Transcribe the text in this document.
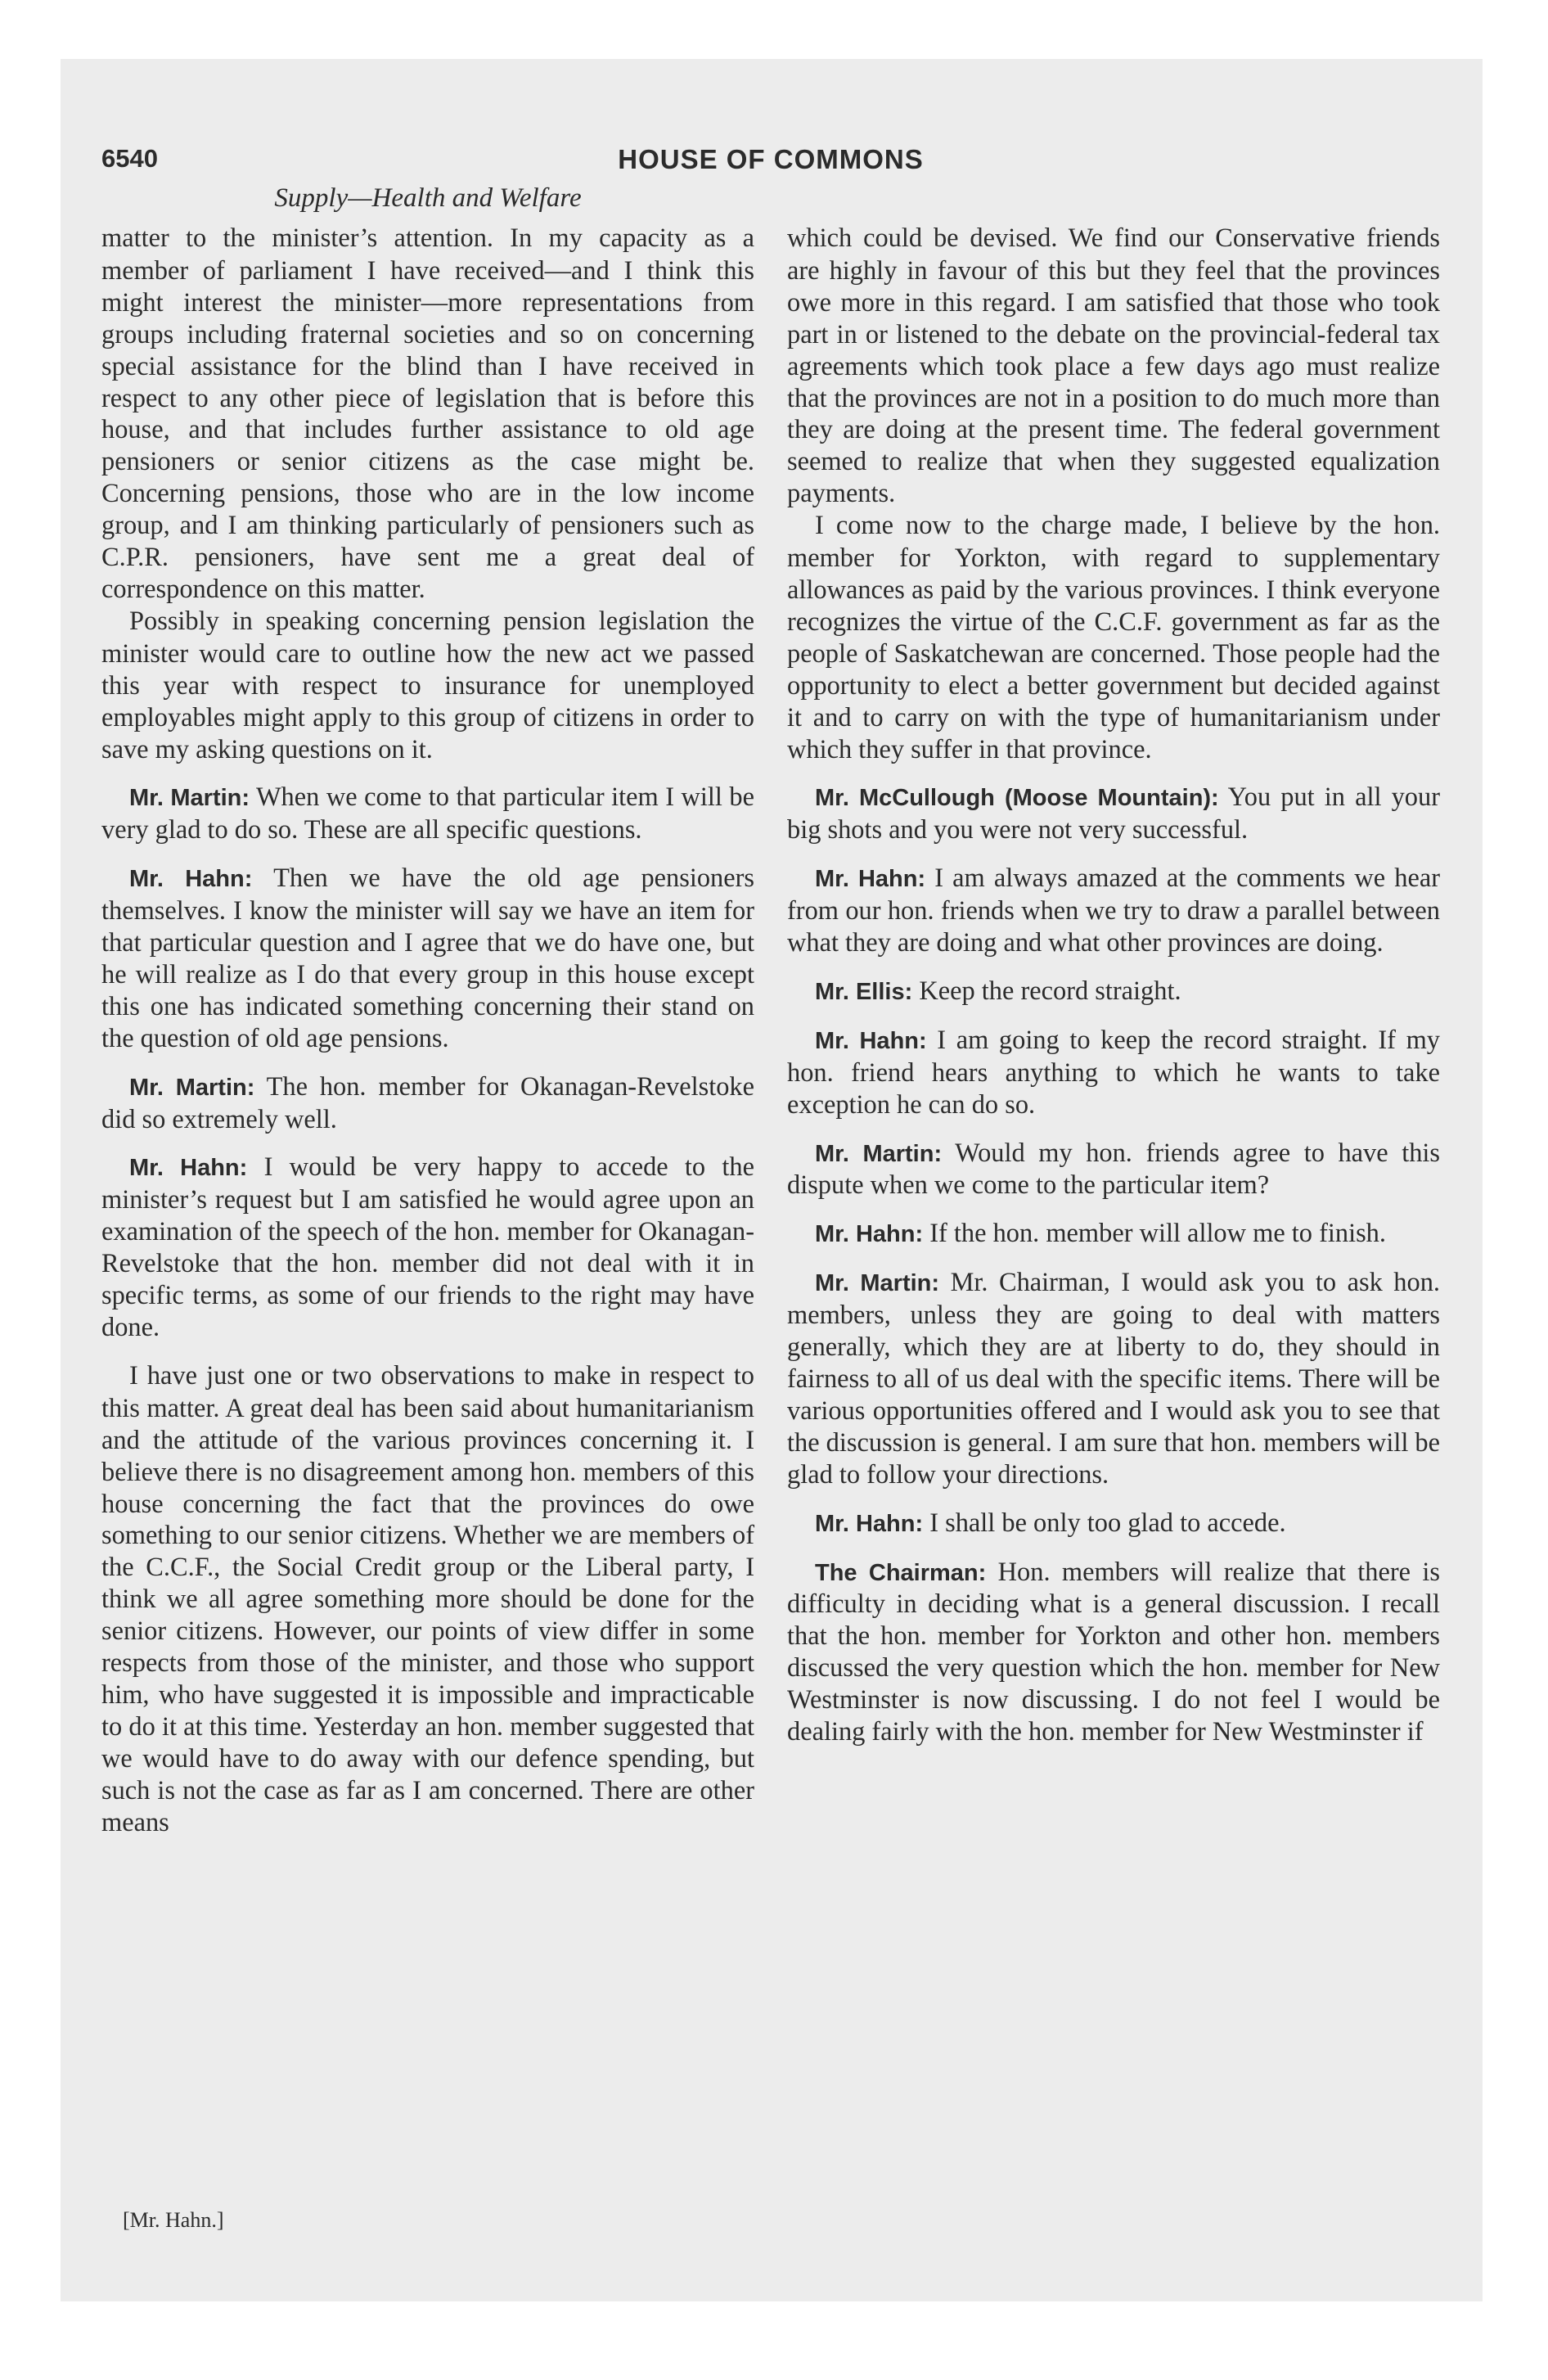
6540	HOUSE OF COMMONS
Supply—Health and Welfare

matter to the minister’s attention. In my capacity as a member of parliament I have received—and I think this might interest the minister—more representations from groups including fraternal societies and so on concerning special assistance for the blind than I have received in respect to any other piece of legislation that is before this house, and that includes further assistance to old age pensioners or senior citizens as the case might be. Concerning pensions, those who are in the low income group, and I am thinking particularly of pensioners such as C.P.R. pensioners, have sent me a great deal of correspondence on this matter.

Possibly in speaking concerning pension legislation the minister would care to outline how the new act we passed this year with respect to insurance for unemployed employables might apply to this group of citizens in order to save my asking questions on it.

Mr. Martin: When we come to that particular item I will be very glad to do so. These are all specific questions.

Mr. Hahn: Then we have the old age pensioners themselves. I know the minister will say we have an item for that particular question and I agree that we do have one, but he will realize as I do that every group in this house except this one has indicated something concerning their stand on the question of old age pensions.

Mr. Martin: The hon. member for Okanagan-Revelstoke did so extremely well.

Mr. Hahn: I would be very happy to accede to the minister’s request but I am satisfied he would agree upon an examination of the speech of the hon. member for Okanagan-Revelstoke that the hon. member did not deal with it in specific terms, as some of our friends to the right may have done.

I have just one or two observations to make in respect to this matter. A great deal has been said about humanitarianism and the attitude of the various provinces concerning it. I believe there is no disagreement among hon. members of this house concerning the fact that the provinces do owe something to our senior citizens. Whether we are members of the C.C.F., the Social Credit group or the Liberal party, I think we all agree something more should be done for the senior citizens. However, our points of view differ in some respects from those of the minister, and those who support him, who have suggested it is impossible and impracticable to do it at this time. Yesterday an hon. member suggested that we would have to do away with our defence spending, but such is not the case as far as I am concerned. There are other means

which could be devised. We find our Conservative friends are highly in favour of this but they feel that the provinces owe more in this regard. I am satisfied that those who took part in or listened to the debate on the provincial-federal tax agreements which took place a few days ago must realize that the provinces are not in a position to do much more than they are doing at the present time. The federal government seemed to realize that when they suggested equalization payments.

I come now to the charge made, I believe by the hon. member for Yorkton, with regard to supplementary allowances as paid by the various provinces. I think everyone recognizes the virtue of the C.C.F. government as far as the people of Saskatchewan are concerned. Those people had the opportunity to elect a better government but decided against it and to carry on with the type of humanitarianism under which they suffer in that province.

Mr. McCullough (Moose Mountain): You put in all your big shots and you were not very successful.

Mr. Hahn: I am always amazed at the comments we hear from our hon. friends when we try to draw a parallel between what they are doing and what other provinces are doing.

Mr. Ellis: Keep the record straight.

Mr. Hahn: I am going to keep the record straight. If my hon. friend hears anything to which he wants to take exception he can do so.

Mr. Martin: Would my hon. friends agree to have this dispute when we come to the particular item?

Mr. Hahn: If the hon. member will allow me to finish.

Mr. Martin: Mr. Chairman, I would ask you to ask hon. members, unless they are going to deal with matters generally, which they are at liberty to do, they should in fairness to all of us deal with the specific items. There will be various opportunities offered and I would ask you to see that the discussion is general. I am sure that hon. members will be glad to follow your directions.

Mr. Hahn: I shall be only too glad to accede.

The Chairman: Hon. members will realize that there is difficulty in deciding what is a general discussion. I recall that the hon. member for Yorkton and other hon. members discussed the very question which the hon. member for New Westminster is now discussing. I do not feel I would be dealing fairly with the hon. member for New Westminster if

[Mr. Hahn.]
